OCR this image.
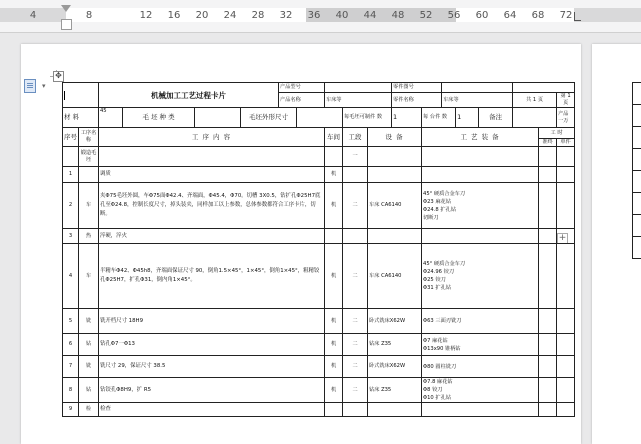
4	8	12 16 20 24 28 32 36 40 44 48 52 56 60 64 68 72

▾
✥
+
		机械加工工艺过程卡片				产品型号					零件图号							
						产品名称		车床等			零件名称		车床等			共 1 页		第 1 页
材 料		45	毛 坯 种 类		毛坯外形尺寸				每毛坯可制件 数		1	每 台件 数		1	备注			产品一万
序号	工序名称	工 序 内 容						车间	工段	设 备		工 艺 装 备					工 时	
																	准终	单件
	锻造毛坯								一									
1		调质						机										
2	车	夹Φ75毛坯外圆，车Φ75面Φ42.4、齐端面，Φ45.4，Φ70。切槽 3X0.5，钻扩孔Φ25H7底孔至Φ24.8，控制长度尺寸，掉头装夹，同样加工以上参数，总体参数都符合工序卡片，切断。						机	二	车床 CA6140		45° 硬质合金车刀
Φ23 麻花钻
Φ24.8 扩孔钻
切断刀						

3	热	淬硬，淬火																
4	车	半精车Φ42、Φ45h8，齐端面保证尺寸 90，倒角1.5×45°，1×45°，倒角1×45°，粗精铰孔Φ25H7，扩孔Φ31，倒内角1×45°。						机	二	车床 CA6140		45° 硬质合金车刀
Φ24.96 铰刀
Φ25 铰刀
Φ31 扩孔钻						

5	铣	铣开档尺寸 18H9						机	二	卧式铣床X62W		Φ63 三面刃铣刀						

6	钻	钻孔Φ7一Φ13						机	二	钻床 Z35		Φ7 麻花钻
Φ13x90 锥柄钻						

7	铣	铣尺寸 29，保证尺寸 38.5						机	二	卧式铣床X62W		Φ80 圆柱铣刀						

8	钻	钻铰孔Φ8H9，扩 R5						机	二	钻床 Z35		Φ7.8 麻花钻
Φ8 铰刀
Φ10 扩孔钻						

9	检	检查																
